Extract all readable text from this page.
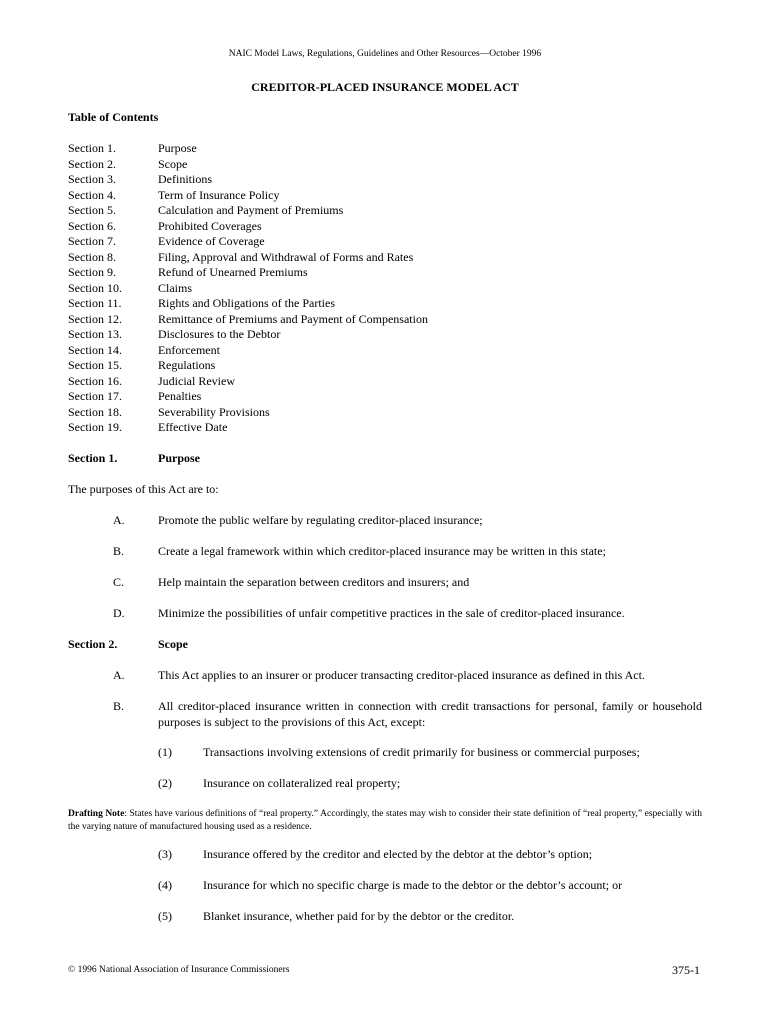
NAIC Model Laws, Regulations, Guidelines and Other Resources—October 1996
CREDITOR-PLACED INSURANCE MODEL ACT
Table of Contents
Section 1.	Purpose
Section 2.	Scope
Section 3.	Definitions
Section 4.	Term of Insurance Policy
Section 5.	Calculation and Payment of Premiums
Section 6.	Prohibited Coverages
Section 7.	Evidence of Coverage
Section 8.	Filing, Approval and Withdrawal of Forms and Rates
Section 9.	Refund of Unearned Premiums
Section 10.	Claims
Section 11.	Rights and Obligations of the Parties
Section 12.	Remittance of Premiums and Payment of Compensation
Section 13.	Disclosures to the Debtor
Section 14.	Enforcement
Section 15.	Regulations
Section 16.	Judicial Review
Section 17.	Penalties
Section 18.	Severability Provisions
Section 19.	Effective Date
Section 1.	Purpose
The purposes of this Act are to:
A.	Promote the public welfare by regulating creditor-placed insurance;
B.	Create a legal framework within which creditor-placed insurance may be written in this state;
C.	Help maintain the separation between creditors and insurers; and
D.	Minimize the possibilities of unfair competitive practices in the sale of creditor-placed insurance.
Section 2.	Scope
A.	This Act applies to an insurer or producer transacting creditor-placed insurance as defined in this Act.
B.	All creditor-placed insurance written in connection with credit transactions for personal, family or household purposes is subject to the provisions of this Act, except:
(1)	Transactions involving extensions of credit primarily for business or commercial purposes;
(2)	Insurance on collateralized real property;
Drafting Note: States have various definitions of “real property.” Accordingly, the states may wish to consider their state definition of “real property,” especially with the varying nature of manufactured housing used as a residence.
(3)	Insurance offered by the creditor and elected by the debtor at the debtor’s option;
(4)	Insurance for which no specific charge is made to the debtor or the debtor’s account; or
(5)	Blanket insurance, whether paid for by the debtor or the creditor.
© 1996 National Association of Insurance Commissioners	375-1
